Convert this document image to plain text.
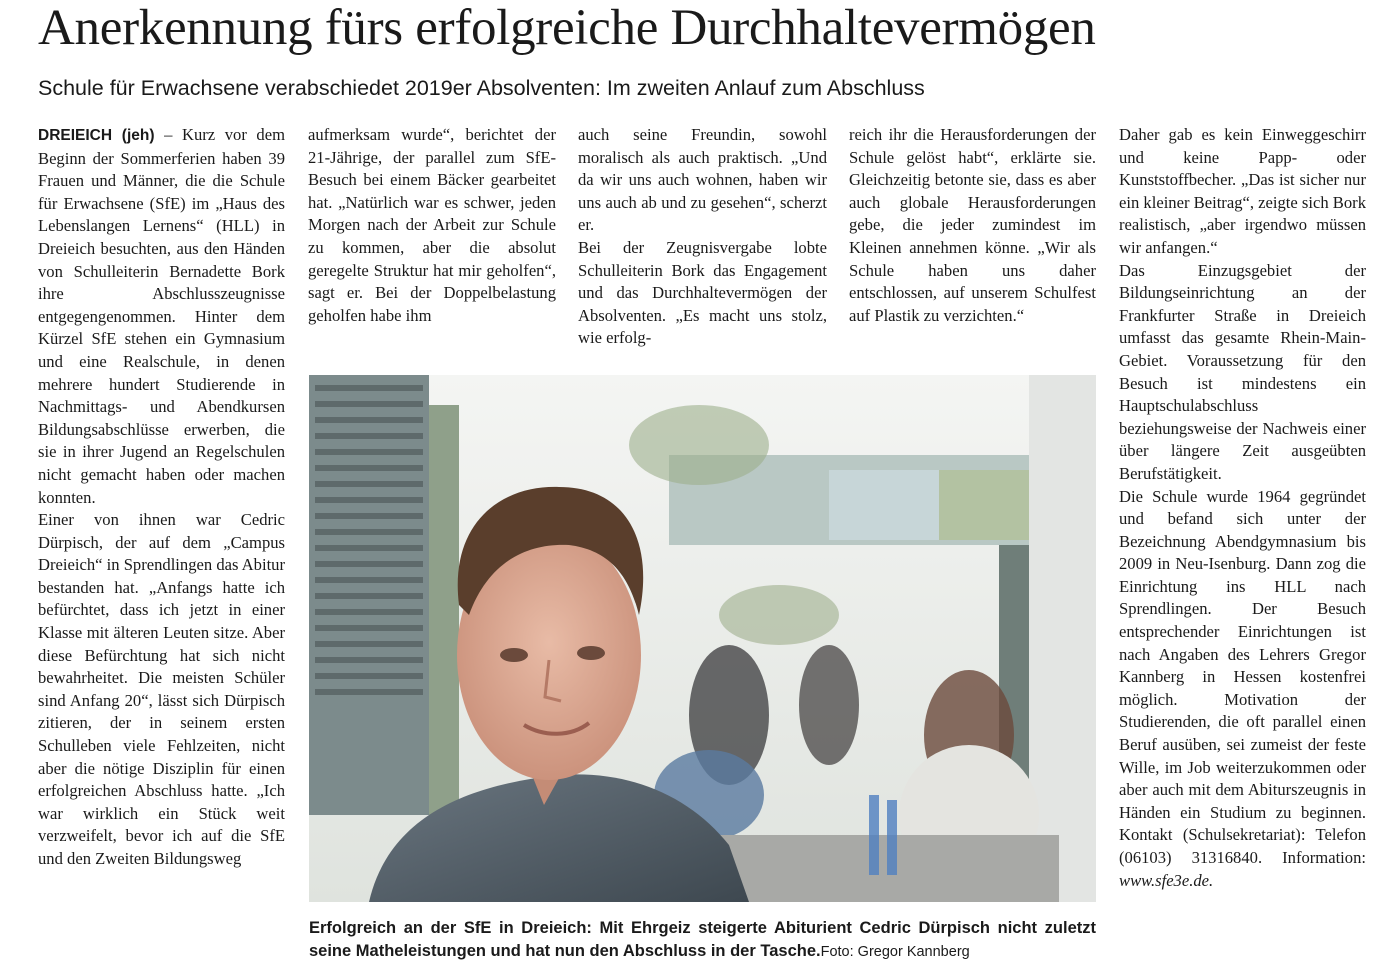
Anerkennung fürs erfolgreiche Durchhaltevermögen
Schule für Erwachsene verabschiedet 2019er Absolventen: Im zweiten Anlauf zum Abschluss

DREIEICH (jeh) – Kurz vor dem Beginn der Sommerferien haben 39 Frauen und Männer, die die Schule für Erwachsene (SfE) im „Haus des Lebenslangen Lernens“ (HLL) in Dreieich besuchten, aus den Händen von Schulleiterin Bernadette Bork ihre Abschlusszeugnisse entgegengenommen. Hinter dem Kürzel SfE stehen ein Gymnasium und eine Realschule, in denen mehrere hundert Studierende in Nachmittags- und Abendkursen Bildungsabschlüsse erwerben, die sie in ihrer Jugend an Regelschulen nicht gemacht haben oder machen konnten.

Einer von ihnen war Cedric Dürpisch, der auf dem „Campus Dreieich“ in Sprendlingen das Abitur bestanden hat. „Anfangs hatte ich befürchtet, dass ich jetzt in einer Klasse mit älteren Leuten sitze. Aber diese Befürchtung hat sich nicht bewahrheitet. Die meisten Schüler sind Anfang 20“, lässt sich Dürpisch zitieren, der in seinem ersten Schulleben viele Fehlzeiten, nicht aber die nötige Disziplin für einen erfolgreichen Abschluss hatte. „Ich war wirklich ein Stück weit verzweifelt, bevor ich auf die SfE und den Zweiten Bildungsweg

aufmerksam wurde“, berichtet der 21-Jährige, der parallel zum SfE-Besuch bei einem Bäcker gearbeitet hat. „Natürlich war es schwer, jeden Morgen nach der Arbeit zur Schule zu kommen, aber die absolut geregelte Struktur hat mir geholfen“, sagt er. Bei der Doppelbelastung geholfen habe ihm

auch seine Freundin, sowohl moralisch als auch praktisch. „Und da wir uns auch wohnen, haben wir uns auch ab und zu gesehen“, scherzt er.

Bei der Zeugnisvergabe lobte Schulleiterin Bork das Engagement und das Durchhaltevermögen der Absolventen. „Es macht uns stolz, wie erfolg-

reich ihr die Herausforderungen der Schule gelöst habt“, erklärte sie. Gleichzeitig betonte sie, dass es aber auch globale Herausforderungen gebe, die jeder zumindest im Kleinen annehmen könne. „Wir als Schule haben uns daher entschlossen, auf unserem Schulfest auf Plastik zu verzichten.“

Daher gab es kein Einweggeschirr und keine Papp- oder Kunststoffbecher. „Das ist sicher nur ein kleiner Beitrag“, zeigte sich Bork realistisch, „aber irgendwo müssen wir anfangen.“

Das Einzugsgebiet der Bildungseinrichtung an der Frankfurter Straße in Dreieich umfasst das gesamte Rhein-Main-Gebiet. Voraussetzung für den Besuch ist mindestens ein Hauptschulabschluss beziehungsweise der Nachweis einer über längere Zeit ausgeübten Berufstätigkeit.

Die Schule wurde 1964 gegründet und befand sich unter der Bezeichnung Abendgymnasium bis 2009 in Neu-Isenburg. Dann zog die Einrichtung ins HLL nach Sprendlingen. Der Besuch entsprechender Einrichtungen ist nach Angaben des Lehrers Gregor Kannberg in Hessen kostenfrei möglich. Motivation der Studierenden, die oft parallel einen Beruf ausüben, sei zumeist der feste Wille, im Job weiterzukommen oder aber auch mit dem Abiturszeugnis in Händen ein Studium zu beginnen. Kontakt (Schulsekretariat): Telefon (06103) 31316840. Information: www.sfe3e.de.

Erfolgreich an der SfE in Dreieich: Mit Ehrgeiz steigerte Abiturient Cedric Dürpisch nicht zuletzt seine Matheleistungen und hat nun den Abschluss in der Tasche.Foto: Gregor Kannberg
